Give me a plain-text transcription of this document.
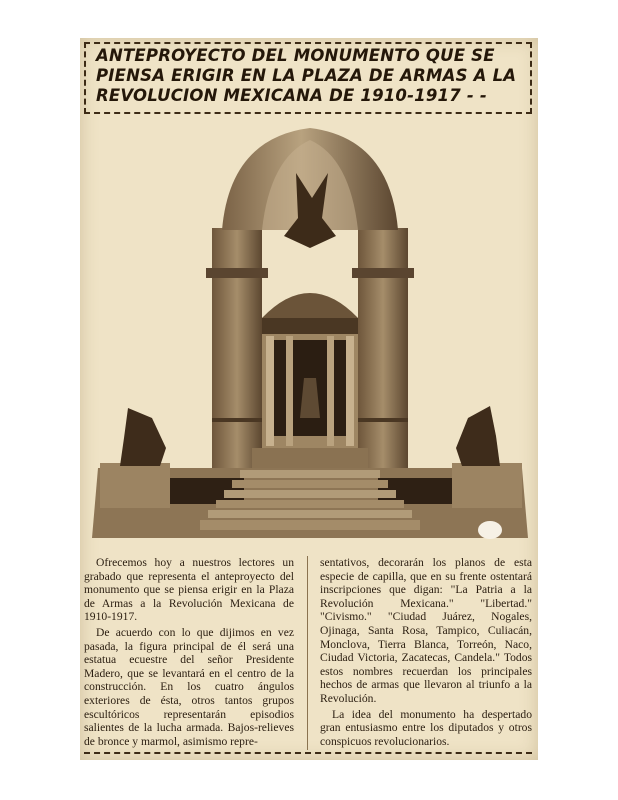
ANTEPROYECTO DEL MONUMENTO QUE SE PIENSA ERIGIR EN LA PLAZA DE ARMAS A LA REVOLUCION MEXICANA DE 1910-1917 - -

Ofrecemos hoy a nuestros lectores un grabado que representa el anteproyecto del monumento que se piensa erigir en la Plaza de Armas a la Revolución Mexicana de 1910-1917.

De acuerdo con lo que dijimos en vez pasada, la figura principal de él será una estatua ecuestre del señor Presidente Madero, que se levantará en el centro de la construcción. En los cuatro ángulos exteriores de ésta, otros tantos grupos escultóricos representarán episodios salientes de la lucha armada. Bajos-relieves de bronce y marmol, asimismo repre-

sentativos, decorarán los planos de esta especie de capilla, que en su frente ostentará inscripciones que digan: "La Patria a la Revolución Mexicana." "Libertad." "Civismo." "Ciudad Juárez, Nogales, Ojinaga, Santa Rosa, Tampico, Culiacán, Monclova, Tierra Blanca, Torreón, Naco, Ciudad Victoria, Zacatecas, Candela." Todos estos nombres recuerdan los principales hechos de armas que llevaron al triunfo a la Revolución.

La idea del monumento ha despertado gran entusiasmo entre los diputados y otros conspicuos revolucionarios.
